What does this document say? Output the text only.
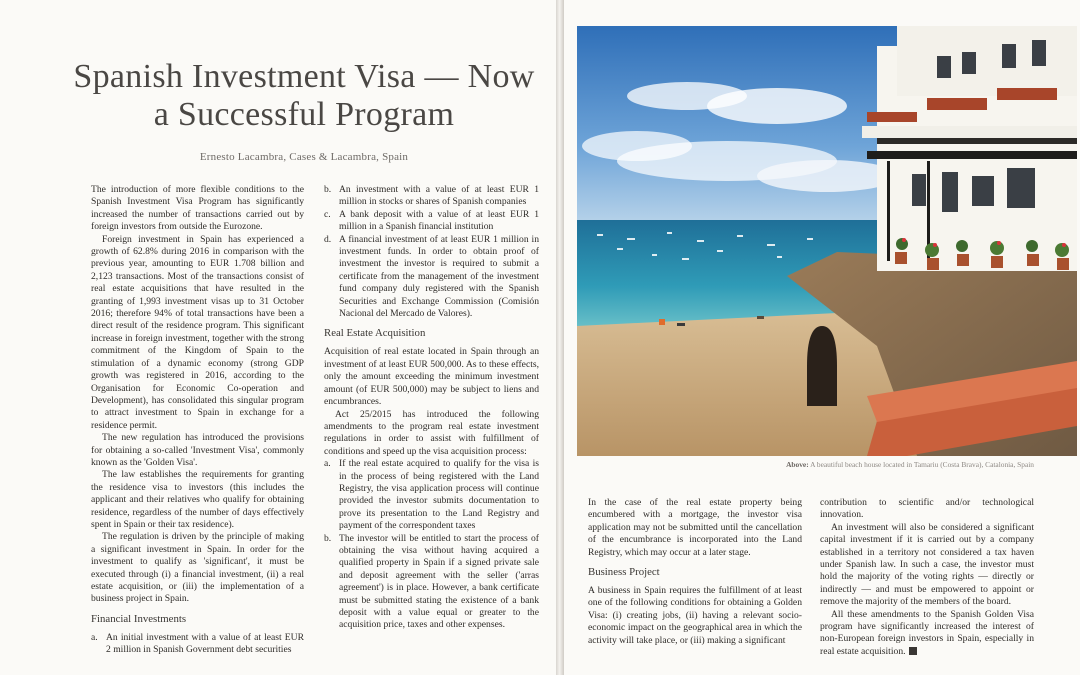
Spanish Investment Visa — Now a Successful Program
Ernesto Lacambra, Cases & Lacambra, Spain

The introduction of more flexible conditions to the Spanish Investment Visa Program has significantly increased the number of transactions carried out by foreign investors from outside the Eurozone.

Foreign investment in Spain has experienced a growth of 62.8% during 2016 in comparison with the previous year, amounting to EUR 1.708 billion and 2,123 transactions. Most of the transactions consist of real estate acquisitions that have resulted in the granting of 1,993 investment visas up to 31 October 2016; therefore 94% of total transactions have been a direct result of the residence program. This significant increase in foreign investment, together with the strong commitment of the Kingdom of Spain to the stimulation of a dynamic economy (strong GDP growth was registered in 2016, according to the Organisation for Economic Co-operation and Development), has consolidated this singular program to attract investment to Spain in exchange for a residence permit.

The new regulation has introduced the provisions for obtaining a so-called 'Investment Visa', commonly known as the 'Golden Visa'.

The law establishes the requirements for granting the residence visa to investors (this includes the applicant and their relatives who qualify for obtaining residence, regardless of the number of days effectively spent in Spain or their tax residence).

The regulation is driven by the principle of making a significant investment in Spain. In order for the investment to qualify as 'significant', it must be executed through (i) a financial investment, (ii) a real estate acquisition, or (iii) the implementation of a business project in Spain.

Financial Investments
a. An initial investment with a value of at least EUR 2 million in Spanish Government debt securities
b. An investment with a value of at least EUR 1 million in stocks or shares of Spanish companies
c. A bank deposit with a value of at least EUR 1 million in a Spanish financial institution
d. A financial investment of at least EUR 1 million in investment funds. In order to obtain proof of investment the investor is required to submit a certificate from the management of the investment fund company duly registered with the Spanish Securities and Exchange Commission (Comisión Nacional del Mercado de Valores).
Real Estate Acquisition

Acquisition of real estate located in Spain through an investment of at least EUR 500,000. As to these effects, only the amount exceeding the minimum investment amount (of EUR 500,000) may be subject to liens and encumbrances.

Act 25/2015 has introduced the following amendments to the program real estate investment regulations in order to assist with fulfillment of conditions and speed up the visa acquisition process:

a. If the real estate acquired to qualify for the visa is in the process of being registered with the Land Registry, the visa application process will continue provided the investor submits documentation to prove its presentation to the Land Registry and payment of the correspondent taxes
b. The investor will be entitled to start the process of obtaining the visa without having acquired a qualified property in Spain if a signed private sale and deposit agreement with the seller ('arras agreement') is in place. However, a bank certificate must be submitted stating the existence of a bank deposit with a value equal or greater to the acquisition price, taxes and other expenses.
Above: A beautiful beach house located in Tamariu (Costa Brava), Catalonia, Spain

In the case of the real estate property being encumbered with a mortgage, the investor visa application may not be submitted until the cancellation of the encumbrance is incorporated into the Land Registry, which may occur at a later stage.

Business Project

A business in Spain requires the fulfillment of at least one of the following conditions for obtaining a Golden Visa: (i) creating jobs, (ii) having a relevant socio-economic impact on the geographical area in which the activity will take place, or (iii) making a significant

contribution to scientific and/or technological innovation.

An investment will also be considered a significant capital investment if it is carried out by a company established in a territory not considered a tax haven under Spanish law. In such a case, the investor must hold the majority of the voting rights — directly or indirectly — and must be empowered to appoint or remove the majority of the members of the board.

All these amendments to the Spanish Golden Visa program have significantly increased the interest of non-European foreign investors in Spain, especially in real estate acquisition.
